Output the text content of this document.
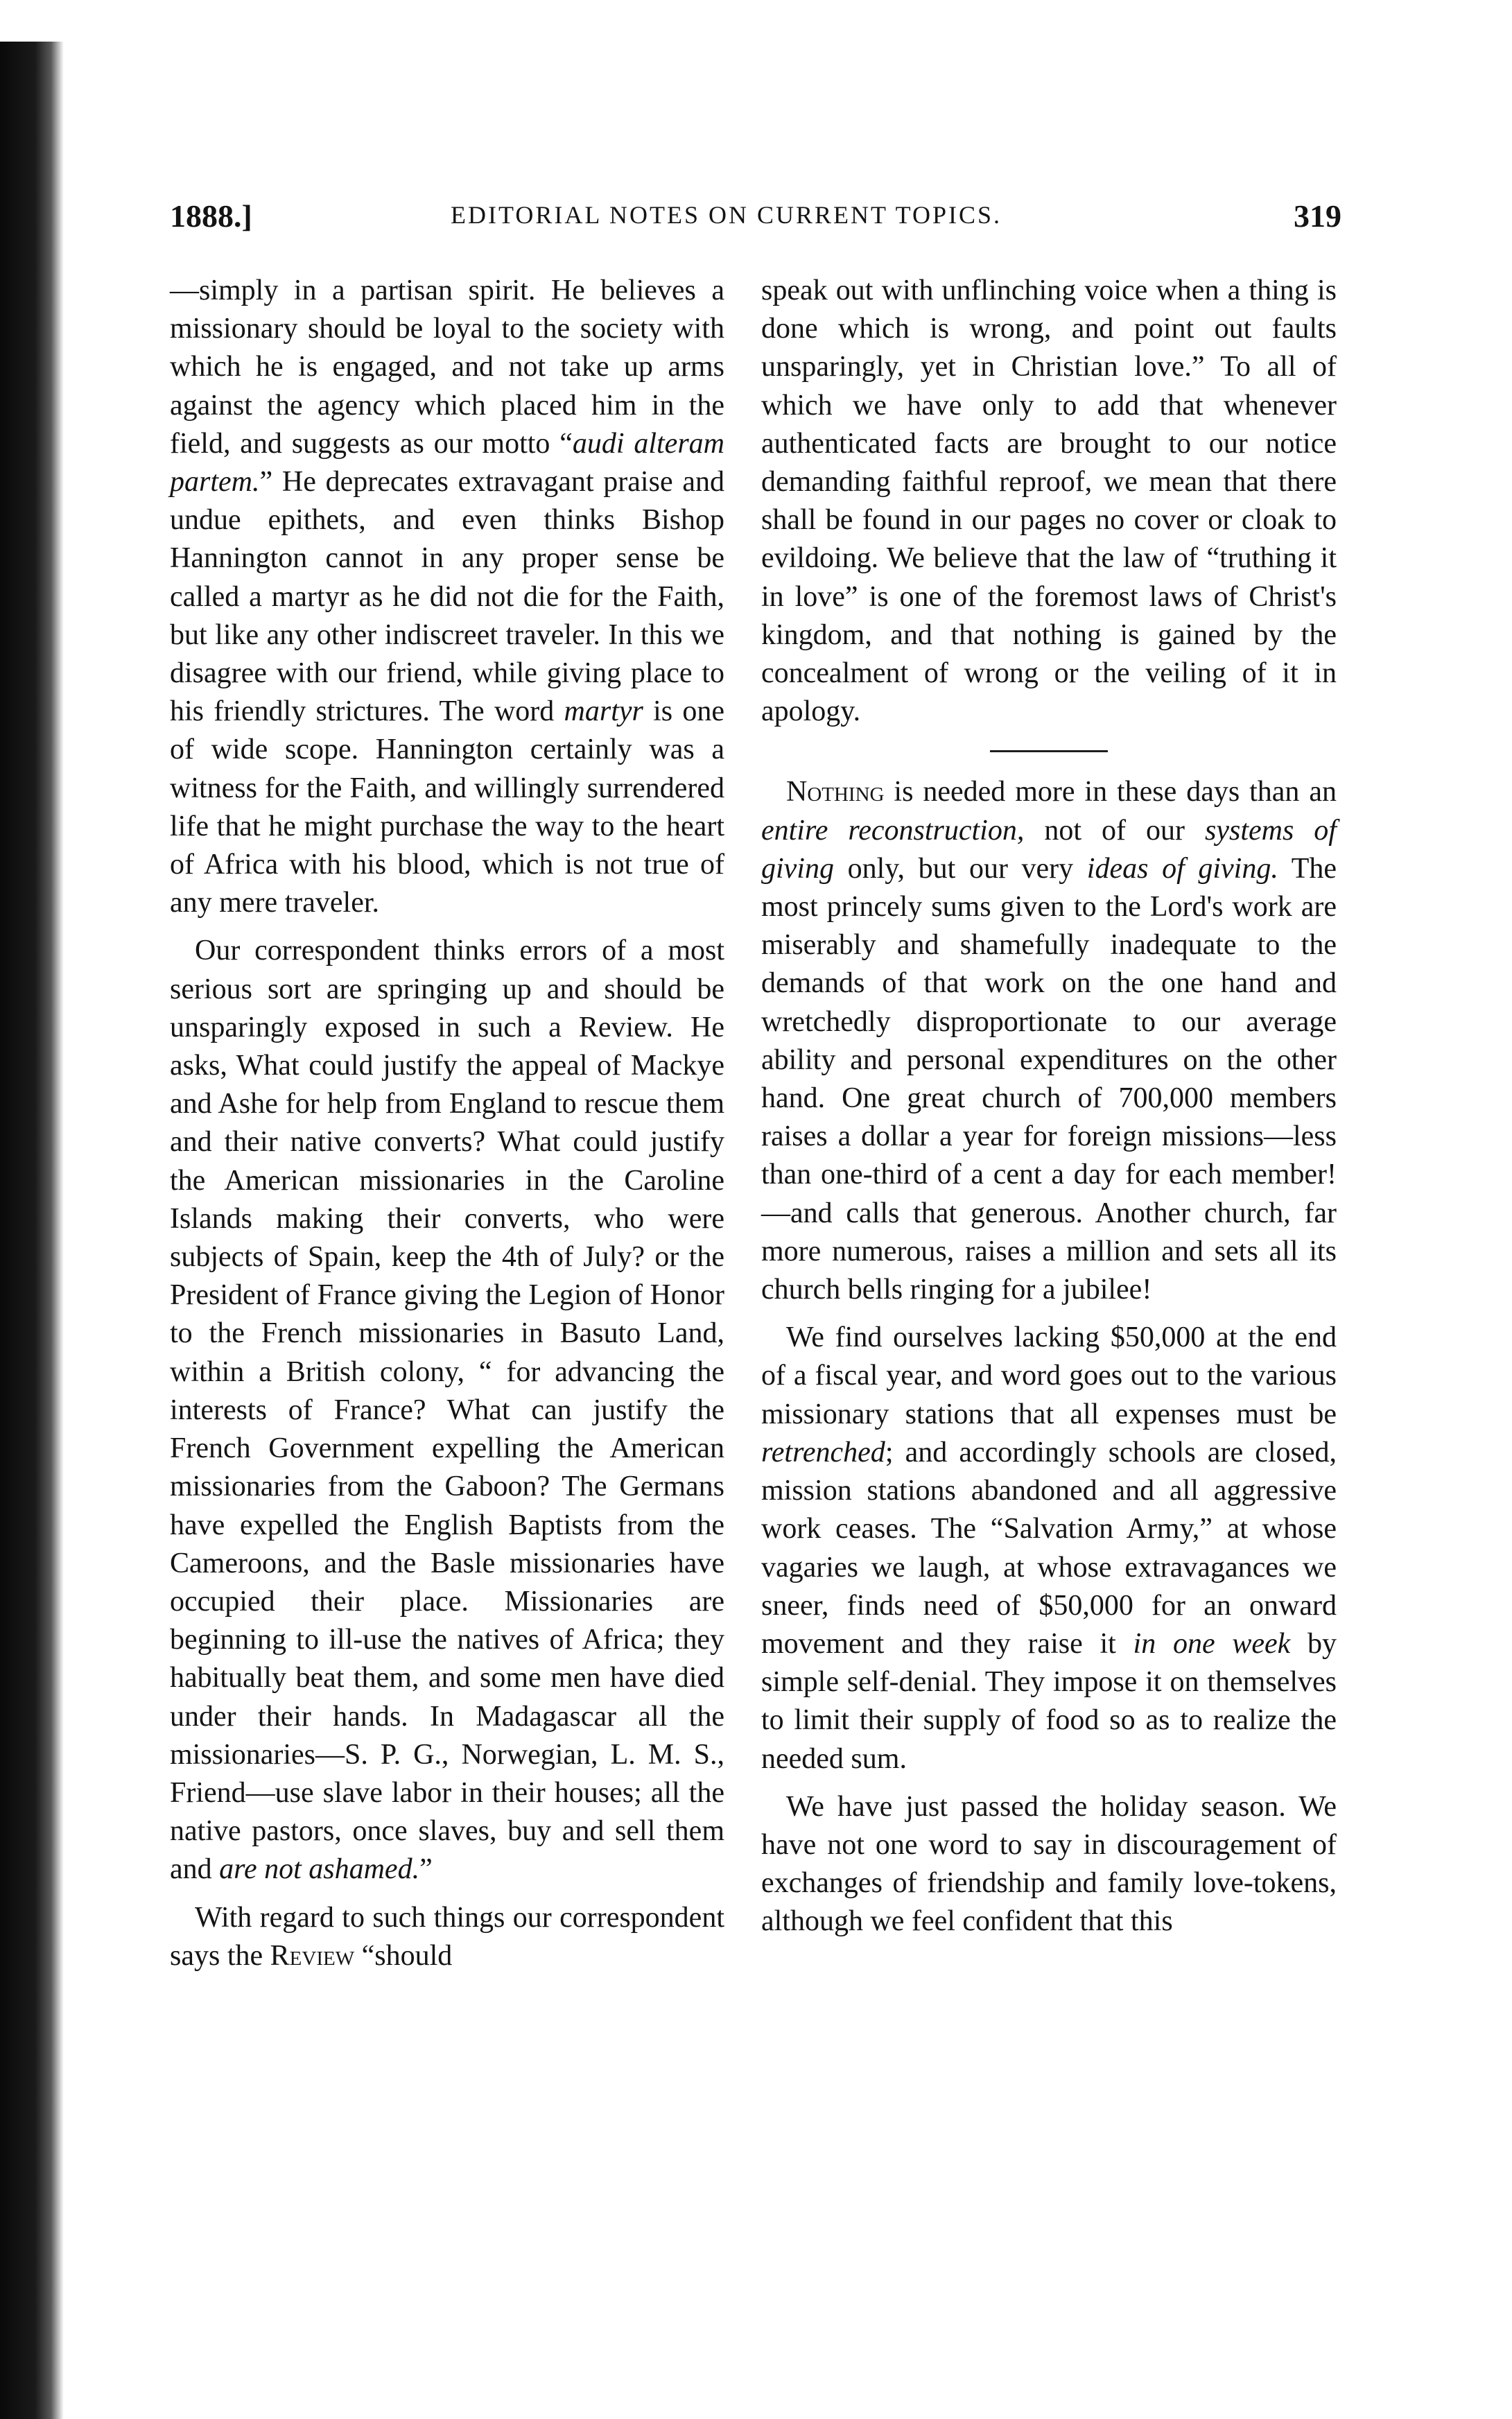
1888.]	EDITORIAL NOTES ON CURRENT TOPICS.	319

—simply in a partisan spirit. He believes a missionary should be loyal to the society with which he is engaged, and not take up arms against the agency which placed him in the field, and suggests as our motto “audi alteram partem.” He deprecates extravagant praise and undue epithets, and even thinks Bishop Hannington cannot in any proper sense be called a martyr as he did not die for the Faith, but like any other indiscreet traveler. In this we disagree with our friend, while giving place to his friendly strictures. The word martyr is one of wide scope. Hannington certainly was a witness for the Faith, and willingly surrendered life that he might purchase the way to the heart of Africa with his blood, which is not true of any mere traveler.

Our correspondent thinks errors of a most serious sort are springing up and should be unsparingly exposed in such a Review. He asks, What could justify the appeal of Mackye and Ashe for help from England to rescue them and their native converts? What could justify the American missionaries in the Caroline Islands making their converts, who were subjects of Spain, keep the 4th of July? or the President of France giving the Legion of Honor to the French missionaries in Basuto Land, within a British colony, “ for advancing the interests of France? What can justify the French Government expelling the American missionaries from the Gaboon? The Germans have expelled the English Baptists from the Cameroons, and the Basle missionaries have occupied their place. Missionaries are beginning to ill-use the natives of Africa; they habitually beat them, and some men have died under their hands. In Madagascar all the missionaries—S. P. G., Norwegian, L. M. S., Friend—use slave labor in their houses; all the native pastors, once slaves, buy and sell them and are not ashamed.”

With regard to such things our correspondent says the Review “should

speak out with unflinching voice when a thing is done which is wrong, and point out faults unsparingly, yet in Christian love.” To all of which we have only to add that whenever authenticated facts are brought to our notice demanding faithful reproof, we mean that there shall be found in our pages no cover or cloak to evildoing. We believe that the law of “truthing it in love” is one of the foremost laws of Christ's kingdom, and that nothing is gained by the concealment of wrong or the veiling of it in apology.

Nothing is needed more in these days than an entire reconstruction, not of our systems of giving only, but our very ideas of giving. The most princely sums given to the Lord's work are miserably and shamefully inadequate to the demands of that work on the one hand and wretchedly disproportionate to our average ability and personal expenditures on the other hand. One great church of 700,000 members raises a dollar a year for foreign missions—less than one-third of a cent a day for each member!—and calls that generous. Another church, far more numerous, raises a million and sets all its church bells ringing for a jubilee!

We find ourselves lacking $50,000 at the end of a fiscal year, and word goes out to the various missionary stations that all expenses must be retrenched; and accordingly schools are closed, mission stations abandoned and all aggressive work ceases. The “Salvation Army,” at whose vagaries we laugh, at whose extravagances we sneer, finds need of $50,000 for an onward movement and they raise it in one week by simple self-denial. They impose it on themselves to limit their supply of food so as to realize the needed sum.

We have just passed the holiday season. We have not one word to say in discouragement of exchanges of friendship and family love-tokens, although we feel confident that this
